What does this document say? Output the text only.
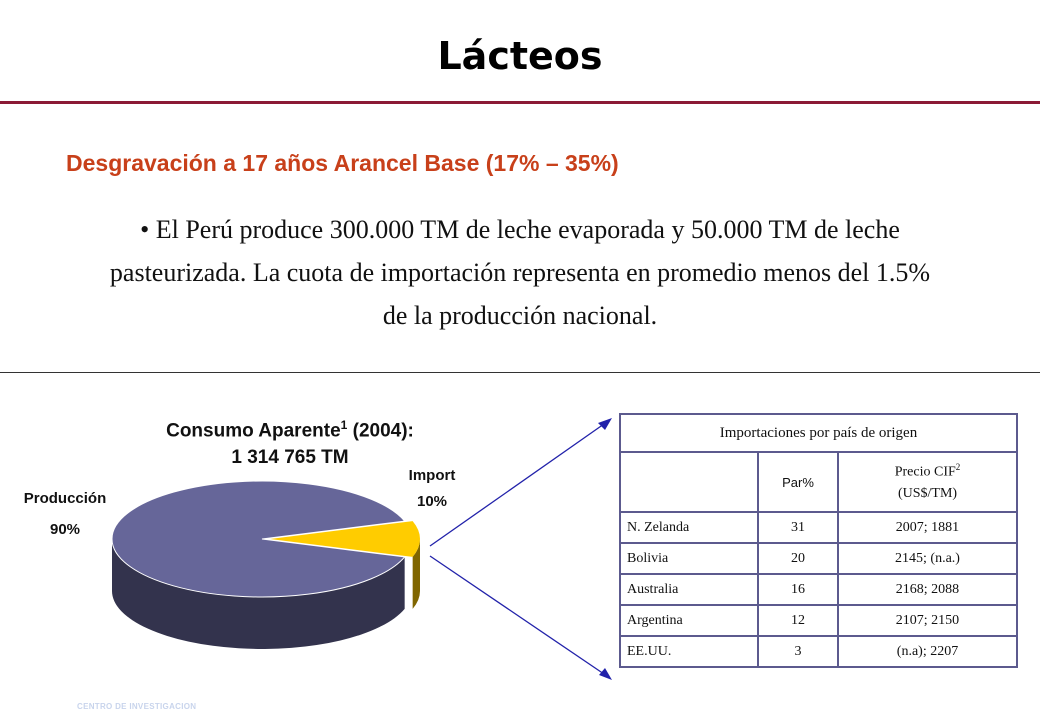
Lácteos
Desgravación a 17 años Arancel Base (17% – 35%)
• El Perú produce 300.000 TM de leche evaporada y 50.000 TM de leche
pasteurizada. La cuota de importación representa en promedio menos del 1.5%
de la producción nacional.
Consumo Aparente$^1$ (2004):
1 314 765 TM
Producción
90%
Import
10%
Importaciones por país de origen		
	Par%	Precio CIF$^2$
(US$/TM)

N. Zelanda	31	2007; 1881
Bolivia	20	2145; (n.a.)
Australia	16	2168; 2088
Argentina	12	2107; 2150
EE.UU.	3	(n.a); 2207
CENTRO DE INVESTIGACION
